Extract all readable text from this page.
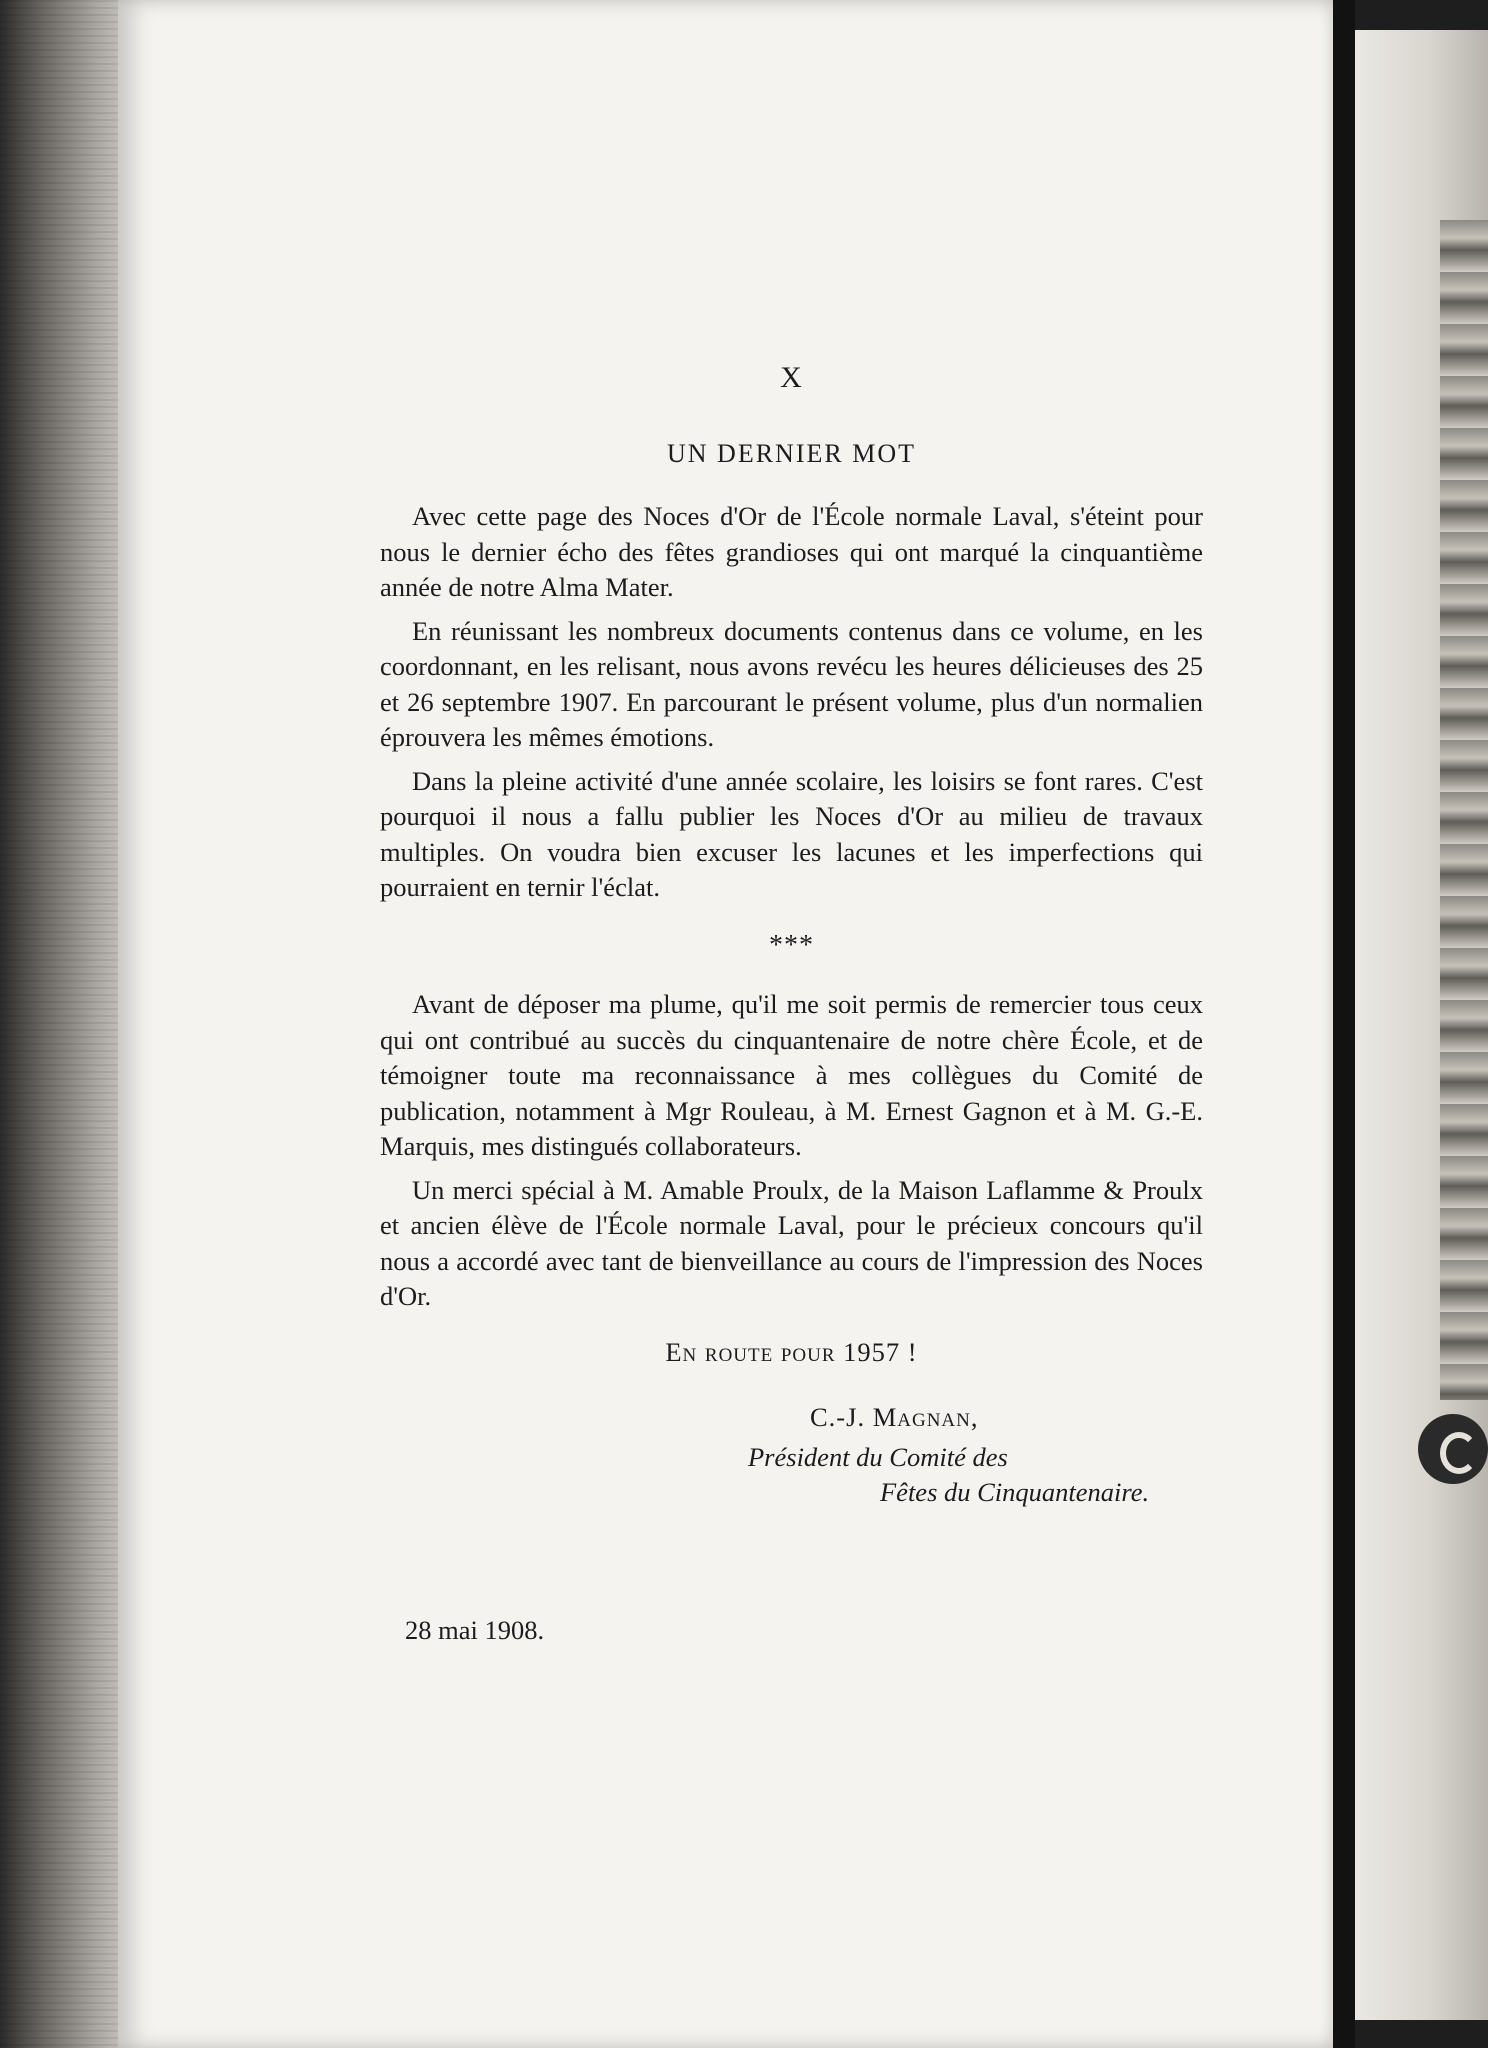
X
UN DERNIER MOT

Avec cette page des Noces d'Or de l'École normale Laval, s'éteint pour nous le dernier écho des fêtes grandioses qui ont marqué la cinquantième année de notre Alma Mater.

En réunissant les nombreux documents contenus dans ce volume, en les coordonnant, en les relisant, nous avons revécu les heures délicieuses des 25 et 26 septembre 1907. En parcourant le présent volume, plus d'un normalien éprouvera les mêmes émotions.

Dans la pleine activité d'une année scolaire, les loisirs se font rares. C'est pourquoi il nous a fallu publier les Noces d'Or au milieu de travaux multiples. On voudra bien excuser les lacunes et les imperfections qui pourraient en ternir l'éclat.

***

Avant de déposer ma plume, qu'il me soit permis de remercier tous ceux qui ont contribué au succès du cinquantenaire de notre chère École, et de témoigner toute ma reconnaissance à mes collègues du Comité de publication, notamment à Mgr Rouleau, à M. Ernest Gagnon et à M. G.-E. Marquis, mes distingués collaborateurs.

Un merci spécial à M. Amable Proulx, de la Maison Laflamme & Proulx et ancien élève de l'École normale Laval, pour le précieux concours qu'il nous a accordé avec tant de bienveillance au cours de l'impression des Noces d'Or.

En route pour 1957 !
C.-J. Magnan,
Président du Comité des
Fêtes du Cinquantenaire.
28 mai 1908.
